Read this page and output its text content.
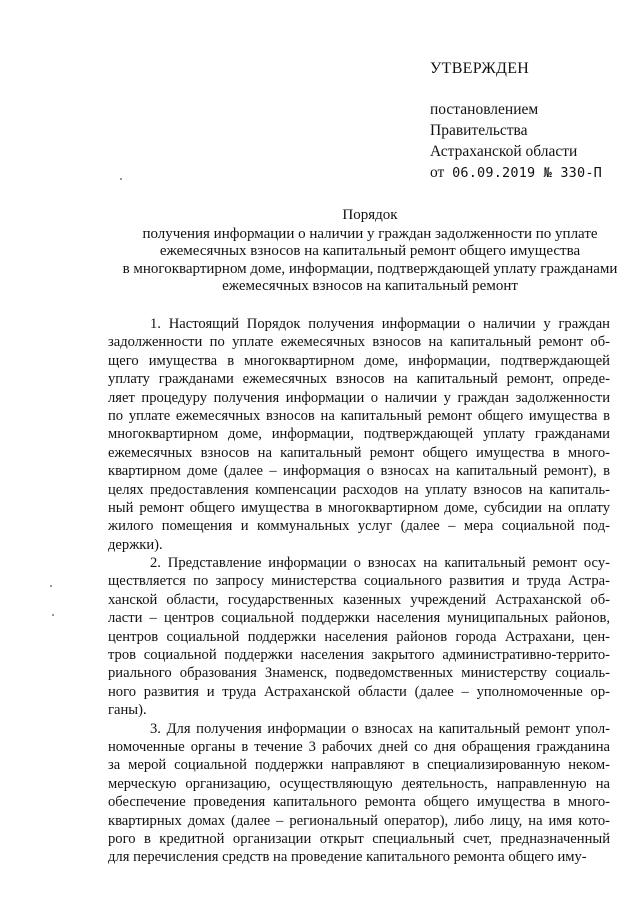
УТВЕРЖДЕН
постановлением
Правительства
Астраханской области
от 06.09.2019 № 330-П
Порядок
получения информации о наличии у граждан задолженности по уплате
ежемесячных взносов на капитальный ремонт общего имущества
в многоквартирном доме, информации, подтверждающей уплату гражданами
ежемесячных взносов на капитальный ремонт
1. Настоящий Порядок получения информации о наличии у граждан
задолженности по уплате ежемесячных взносов на капитальный ремонт об-
щего имущества в многоквартирном доме, информации, подтверждающей
уплату гражданами ежемесячных взносов на капитальный ремонт, опреде-
ляет процедуру получения информации о наличии у граждан задолженности
по уплате ежемесячных взносов на капитальный ремонт общего имущества в
многоквартирном доме, информации, подтверждающей уплату гражданами
ежемесячных взносов на капитальный ремонт общего имущества в много-
квартирном доме (далее – информация о взносах на капитальный ремонт), в
целях предоставления компенсации расходов на уплату взносов на капиталь-
ный ремонт общего имущества в многоквартирном доме, субсидии на оплату
жилого помещения и коммунальных услуг (далее – мера социальной под-
держки).
2. Представление информации о взносах на капитальный ремонт осу-
ществляется по запросу министерства социального развития и труда Астра-
ханской области, государственных казенных учреждений Астраханской об-
ласти – центров социальной поддержки населения муниципальных районов,
центров социальной поддержки населения районов города Астрахани, цен-
тров социальной поддержки населения закрытого административно-террито-
риального образования Знаменск, подведомственных министерству социаль-
ного развития и труда Астраханской области (далее – уполномоченные ор-
ганы).
3. Для получения информации о взносах на капитальный ремонт упол-
номоченные органы в течение 3 рабочих дней со дня обращения гражданина
за мерой социальной поддержки направляют в специализированную неком-
мерческую организацию, осуществляющую деятельность, направленную на
обеспечение проведения капитального ремонта общего имущества в много-
квартирных домах (далее – региональный оператор), либо лицу, на имя кото-
рого в кредитной организации открыт специальный счет, предназначенный
для перечисления средств на проведение капитального ремонта общего иму-
